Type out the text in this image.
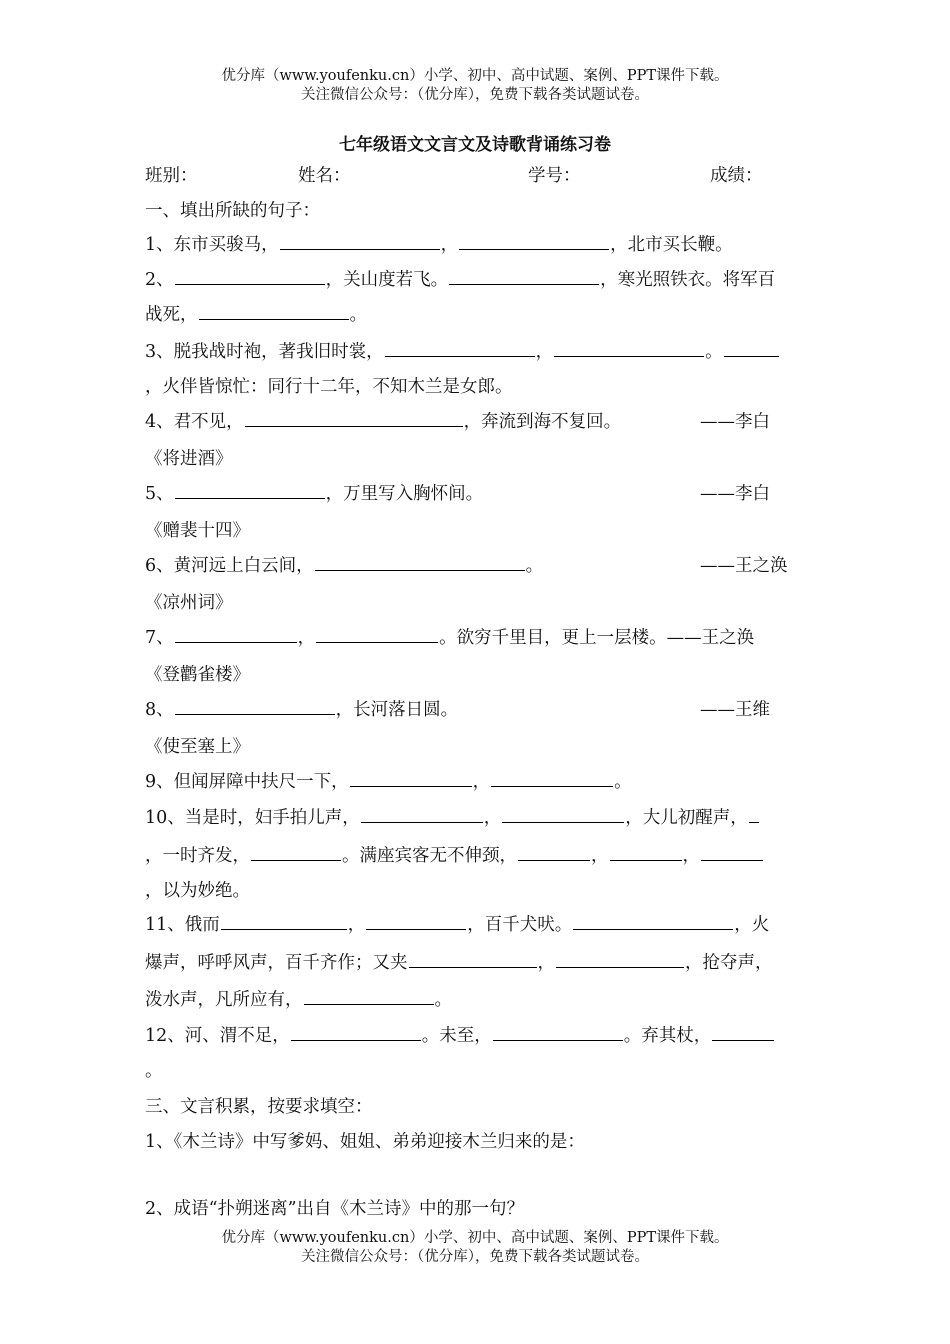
优分库（www.youfenku.cn）小学、初中、高中试题、案例、PPT课件下载。
关注微信公众号：（优分库），免费下载各类试题试卷。
七年级语文文言文及诗歌背诵练习卷
班别：	姓名：	学号：	成绩：
一、填出所缺的句子：
1、东市买骏马，	，	，北市买长鞭。
2、	，关山度若飞。	，寒光照铁衣。将军百
战死，	。
3、脱我战时袍，著我旧时裳，	，	。
，火伴皆惊忙：同行十二年，不知木兰是女郎。
4、君不见，	，奔流到海不复回。	——李白
《将进酒》
5、	，万里写入胸怀间。	——李白
《赠裴十四》
6、黄河远上白云间，	。	——王之涣
《凉州词》
7、	，	。欲穷千里目，更上一层楼。——王之涣
《登鹳雀楼》
8、	，长河落日圆。	——王维
《使至塞上》
9、但闻屏障中扶尺一下，	，	。
10、当是时，妇手拍儿声，	，	，大儿初醒声，
，一时齐发，	。满座宾客无不伸颈，	，	，
，以为妙绝。
11、俄而	，	，百千犬吠。	，火
爆声，呼呼风声，百千齐作；又夹	，	，抢夺声，
泼水声，凡所应有，	。
12、河、渭不足，	。未至，	。弃其杖，
。
三、文言积累，按要求填空：
1、《木兰诗》中写爹妈、姐姐、弟弟迎接木兰归来的是：
2、成语“扑朔迷离”出自《木兰诗》中的那一句？
优分库（www.youfenku.cn）小学、初中、高中试题、案例、PPT课件下载。
关注微信公众号：（优分库），免费下载各类试题试卷。
